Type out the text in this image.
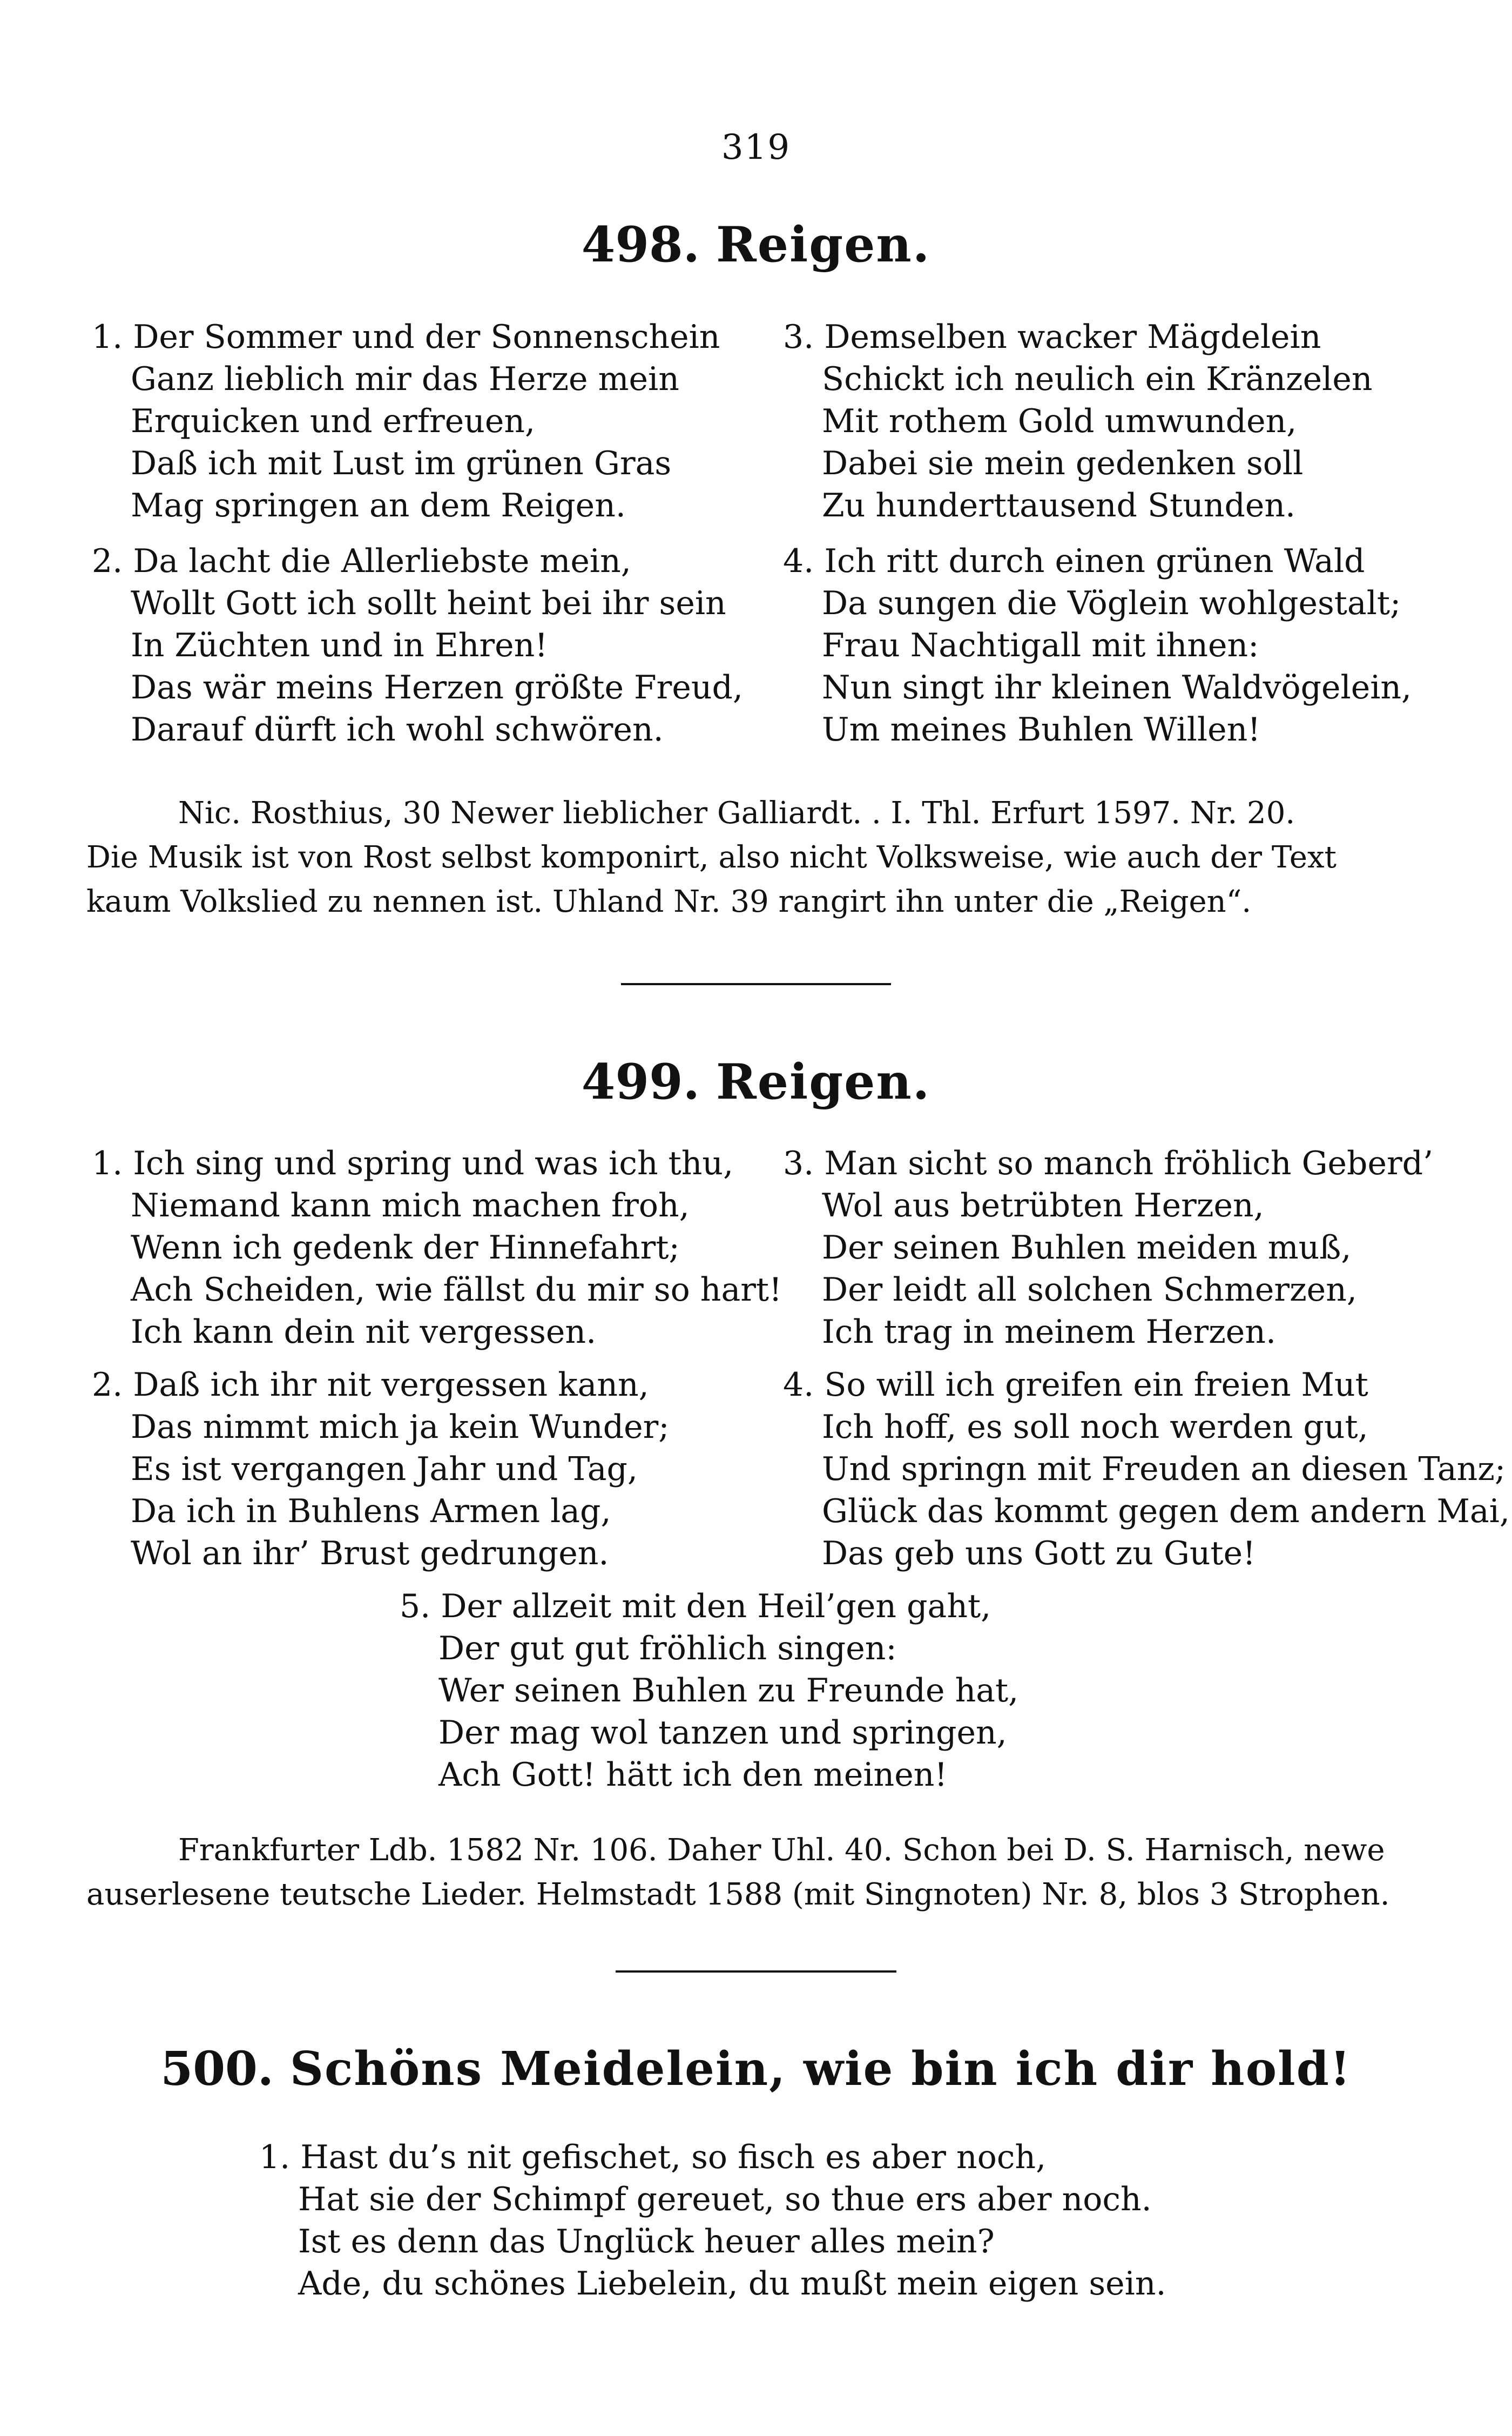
319
498. Reigen.
1. Der Sommer und der Sonnenschein
Ganz lieblich mir das Herze mein
Erquicken und erfreuen,
Daß ich mit Lust im grünen Gras
Mag springen an dem Reigen.
2. Da lacht die Allerliebste mein,
Wollt Gott ich sollt heint bei ihr sein
In Züchten und in Ehren!
Das wär meins Herzen größte Freud,
Darauf dürft ich wohl schwören.
3. Demselben wacker Mägdelein
Schickt ich neulich ein Kränzelen
Mit rothem Gold umwunden,
Dabei sie mein gedenken soll
Zu hunderttausend Stunden.
4. Ich ritt durch einen grünen Wald
Da sungen die Vöglein wohlgestalt;
Frau Nachtigall mit ihnen:
Nun singt ihr kleinen Waldvögelein,
Um meines Buhlen Willen!
Nic. Rosthius, 30 Newer lieblicher Galliardt. . I. Thl. Erfurt 1597. Nr. 20.
Die Musik ist von Rost selbst komponirt, also nicht Volksweise, wie auch der Text
kaum Volkslied zu nennen ist. Uhland Nr. 39 rangirt ihn unter die „Reigen“.
499. Reigen.
1. Ich sing und spring und was ich thu,
Niemand kann mich machen froh,
Wenn ich gedenk der Hinnefahrt;
Ach Scheiden, wie fällst du mir so hart!
Ich kann dein nit vergessen.
2. Daß ich ihr nit vergessen kann,
Das nimmt mich ja kein Wunder;
Es ist vergangen Jahr und Tag,
Da ich in Buhlens Armen lag,
Wol an ihr’ Brust gedrungen.
3. Man sicht so manch fröhlich Geberd’
Wol aus betrübten Herzen,
Der seinen Buhlen meiden muß,
Der leidt all solchen Schmerzen,
Ich trag in meinem Herzen.
4. So will ich greifen ein freien Mut
Ich hoff, es soll noch werden gut,
Und springn mit Freuden an diesen Tanz;
Glück das kommt gegen dem andern Mai,
Das geb uns Gott zu Gute!
5. Der allzeit mit den Heil’gen gaht,
Der gut gut fröhlich singen:
Wer seinen Buhlen zu Freunde hat,
Der mag wol tanzen und springen,
Ach Gott! hätt ich den meinen!
Frankfurter Ldb. 1582 Nr. 106. Daher Uhl. 40. Schon bei D. S. Harnisch, newe
auserlesene teutsche Lieder. Helmstadt 1588 (mit Singnoten) Nr. 8, blos 3 Strophen.
500. Schöns Meidelein, wie bin ich dir hold!
1. Hast du’s nit gefischet, so fisch es aber noch,
Hat sie der Schimpf gereuet, so thue ers aber noch.
Ist es denn das Unglück heuer alles mein?
Ade, du schönes Liebelein, du mußt mein eigen sein.
